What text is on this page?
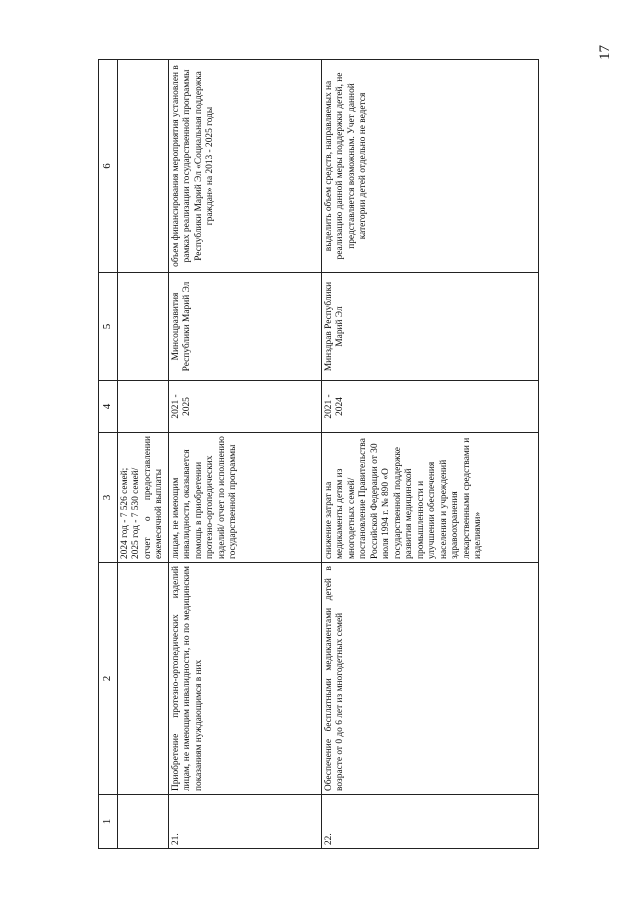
17
1	2	3	4	5	6
		2024 год - 7 526 семей;
2025 год - 7 530 семей/
отчет о предоставлении ежемесячной выплаты			
21.	Приобретение протезно-ортопедических изделий лицам, не имеющим инвалидности, но по медицинским показаниям нуждающимся в них	лицам, не имеющим инвалидности, оказывается помощь в приобретении протезно-ортопедических изделий/ отчет по исполнению государственной программы	2021 - 2025	Минсоцразвития Республики Марий Эл	объем финансирования мероприятия установлен в рамках реализации государственной программы Республики Марий Эл «Социальная поддержка граждан» на 2013 - 2025 годы
22.	Обеспечение бесплатными медикаментами детей в возрасте от 0 до 6 лет из многодетных семей	снижение затрат на медикаменты детям из многодетных семей/ постановление Правительства Российской Федерации от 30 июля 1994 г. № 890 «О государственной поддержке развития медицинской промышленности и улучшении обеспечения населения и учреждений здравоохранения лекарственными средствами и изделиями»	2021 - 2024	Минздрав Республики Марий Эл	выделить объем средств, направляемых на реализацию данной меры поддержки детей, не представляется возможным. Учет данной категории детей отдельно не ведется
